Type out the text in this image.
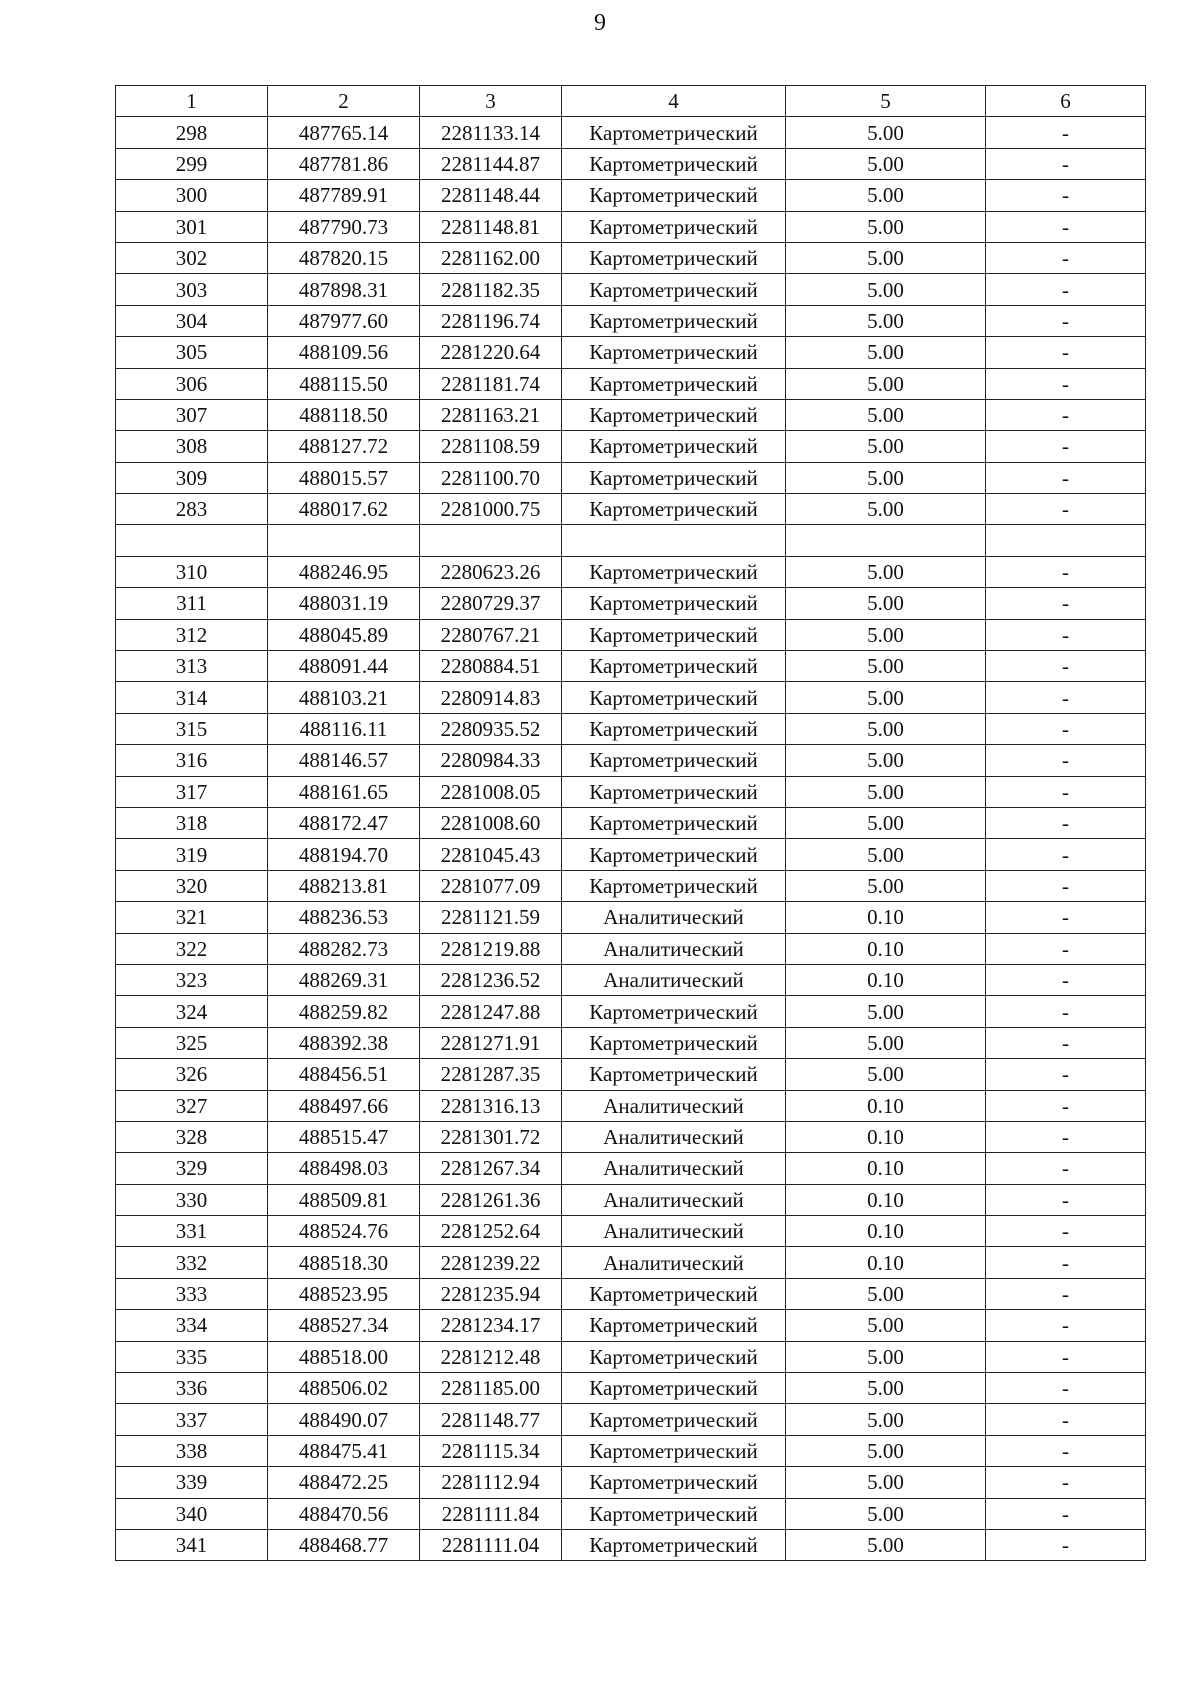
9
1	2	3	4	5	6
298	487765.14	2281133.14	Картометрический	5.00	-
299	487781.86	2281144.87	Картометрический	5.00	-
300	487789.91	2281148.44	Картометрический	5.00	-
301	487790.73	2281148.81	Картометрический	5.00	-
302	487820.15	2281162.00	Картометрический	5.00	-
303	487898.31	2281182.35	Картометрический	5.00	-
304	487977.60	2281196.74	Картометрический	5.00	-
305	488109.56	2281220.64	Картометрический	5.00	-
306	488115.50	2281181.74	Картометрический	5.00	-
307	488118.50	2281163.21	Картометрический	5.00	-
308	488127.72	2281108.59	Картометрический	5.00	-
309	488015.57	2281100.70	Картометрический	5.00	-
283	488017.62	2281000.75	Картометрический	5.00	-

310	488246.95	2280623.26	Картометрический	5.00	-
311	488031.19	2280729.37	Картометрический	5.00	-
312	488045.89	2280767.21	Картометрический	5.00	-
313	488091.44	2280884.51	Картометрический	5.00	-
314	488103.21	2280914.83	Картометрический	5.00	-
315	488116.11	2280935.52	Картометрический	5.00	-
316	488146.57	2280984.33	Картометрический	5.00	-
317	488161.65	2281008.05	Картометрический	5.00	-
318	488172.47	2281008.60	Картометрический	5.00	-
319	488194.70	2281045.43	Картометрический	5.00	-
320	488213.81	2281077.09	Картометрический	5.00	-
321	488236.53	2281121.59	Аналитический	0.10	-
322	488282.73	2281219.88	Аналитический	0.10	-
323	488269.31	2281236.52	Аналитический	0.10	-
324	488259.82	2281247.88	Картометрический	5.00	-
325	488392.38	2281271.91	Картометрический	5.00	-
326	488456.51	2281287.35	Картометрический	5.00	-
327	488497.66	2281316.13	Аналитический	0.10	-
328	488515.47	2281301.72	Аналитический	0.10	-
329	488498.03	2281267.34	Аналитический	0.10	-
330	488509.81	2281261.36	Аналитический	0.10	-
331	488524.76	2281252.64	Аналитический	0.10	-
332	488518.30	2281239.22	Аналитический	0.10	-
333	488523.95	2281235.94	Картометрический	5.00	-
334	488527.34	2281234.17	Картометрический	5.00	-
335	488518.00	2281212.48	Картометрический	5.00	-
336	488506.02	2281185.00	Картометрический	5.00	-
337	488490.07	2281148.77	Картометрический	5.00	-
338	488475.41	2281115.34	Картометрический	5.00	-
339	488472.25	2281112.94	Картометрический	5.00	-
340	488470.56	2281111.84	Картометрический	5.00	-
341	488468.77	2281111.04	Картометрический	5.00	-
